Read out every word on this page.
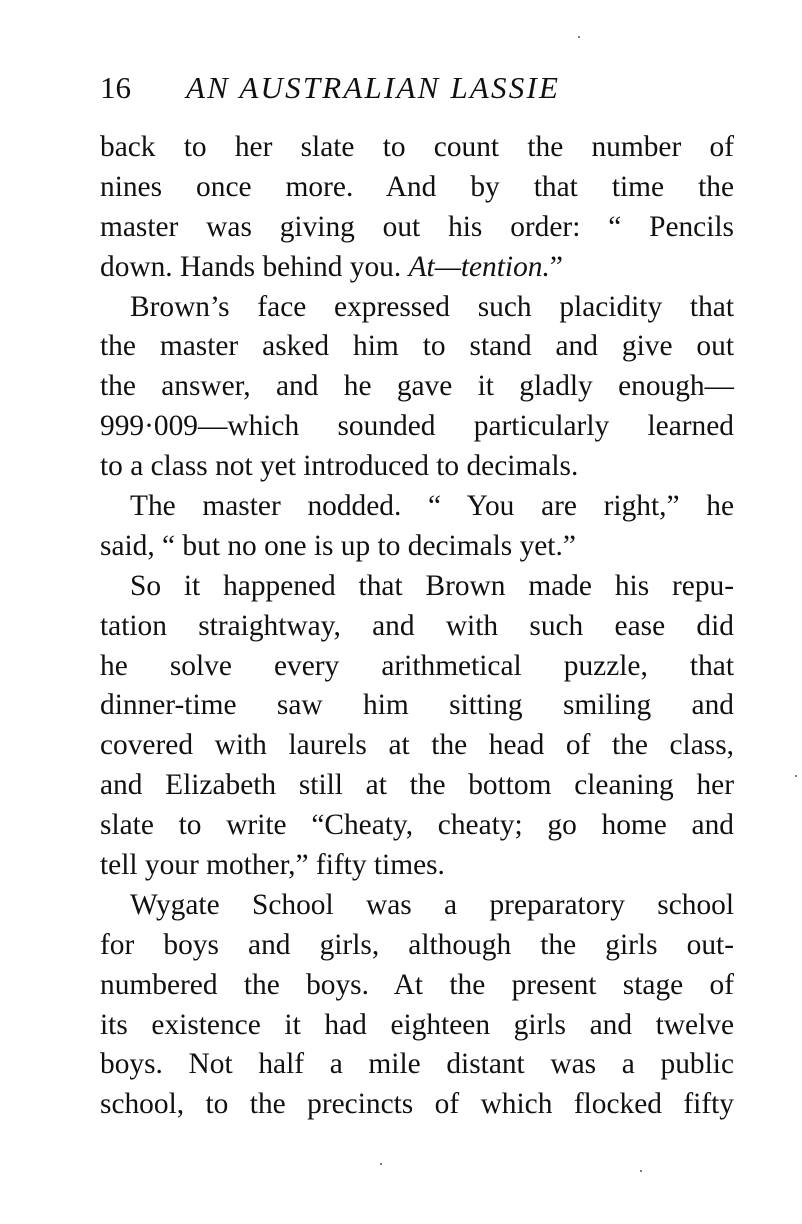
16 AN AUSTRALIAN LASSIE
back to her slate to count the number of
nines once more. And by that time the
master was giving out his order: “ Pencils
down. Hands behind you. At—tention.”
Brown’s face expressed such placidity that
the master asked him to stand and give out
the answer, and he gave it gladly enough—
999·009—which sounded particularly learned
to a class not yet introduced to decimals.
The master nodded. “ You are right,” he
said, “ but no one is up to decimals yet.”
So it happened that Brown made his repu-
tation straightway, and with such ease did
he solve every arithmetical puzzle, that
dinner-time saw him sitting smiling and
covered with laurels at the head of the class,
and Elizabeth still at the bottom cleaning her
slate to write “Cheaty, cheaty; go home and
tell your mother,” fifty times.
Wygate School was a preparatory school
for boys and girls, although the girls out-
numbered the boys. At the present stage of
its existence it had eighteen girls and twelve
boys. Not half a mile distant was a public
school, to the precincts of which flocked fifty
